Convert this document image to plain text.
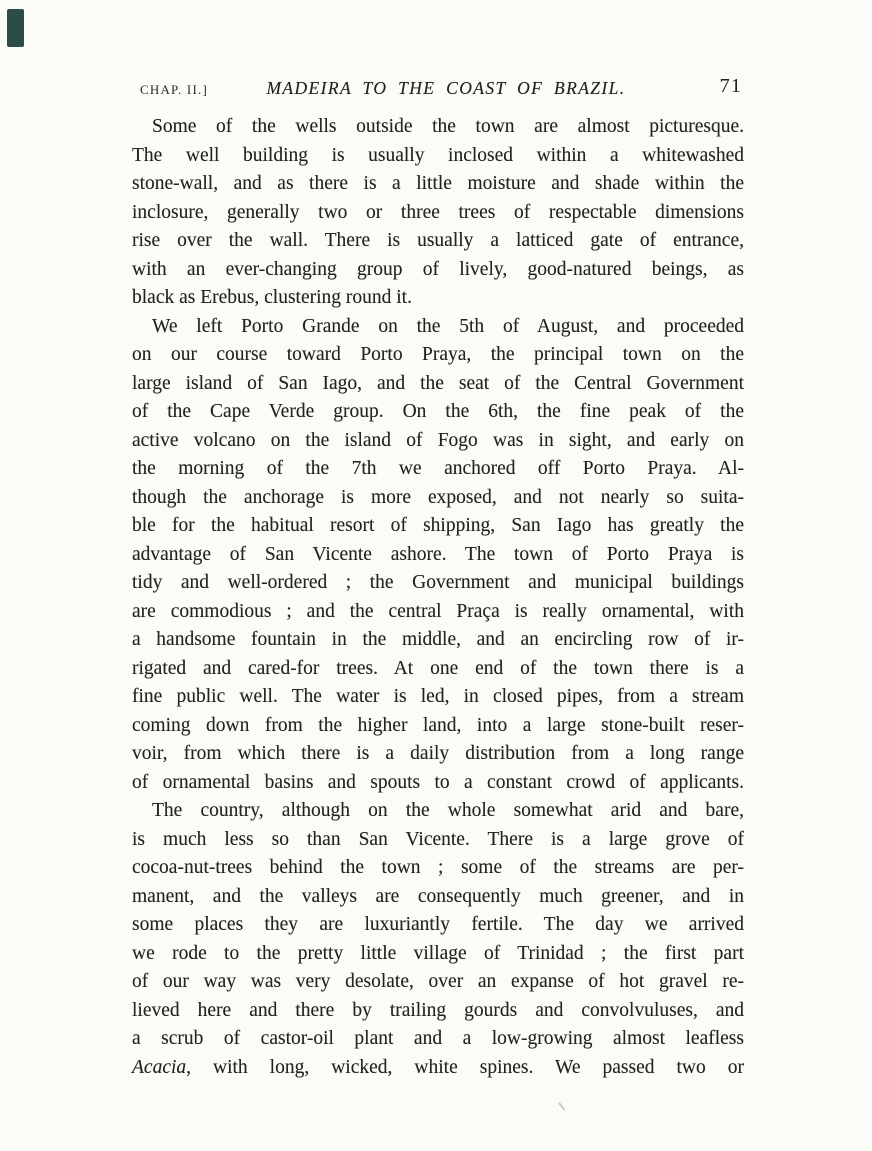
CHAP. II.]	MADEIRA TO THE COAST OF BRAZIL.	71
Some of the wells outside the town are almost picturesque.
The well building is usually inclosed within a whitewashed
stone-wall, and as there is a little moisture and shade within the
inclosure, generally two or three trees of respectable dimensions
rise over the wall. There is usually a latticed gate of entrance,
with an ever-changing group of lively, good-natured beings, as
black as Erebus, clustering round it.
We left Porto Grande on the 5th of August, and proceeded
on our course toward Porto Praya, the principal town on the
large island of San Iago, and the seat of the Central Government
of the Cape Verde group. On the 6th, the fine peak of the
active volcano on the island of Fogo was in sight, and early on
the morning of the 7th we anchored off Porto Praya. Al-
though the anchorage is more exposed, and not nearly so suita-
ble for the habitual resort of shipping, San Iago has greatly the
advantage of San Vicente ashore. The town of Porto Praya is
tidy and well-ordered ; the Government and municipal buildings
are commodious ; and the central Praça is really ornamental, with
a handsome fountain in the middle, and an encircling row of ir-
rigated and cared-for trees. At one end of the town there is a
fine public well. The water is led, in closed pipes, from a stream
coming down from the higher land, into a large stone-built reser-
voir, from which there is a daily distribution from a long range
of ornamental basins and spouts to a constant crowd of applicants.
The country, although on the whole somewhat arid and bare,
is much less so than San Vicente. There is a large grove of
cocoa-nut-trees behind the town ; some of the streams are per-
manent, and the valleys are consequently much greener, and in
some places they are luxuriantly fertile. The day we arrived
we rode to the pretty little village of Trinidad ; the first part
of our way was very desolate, over an expanse of hot gravel re-
lieved here and there by trailing gourds and convolvuluses, and
a scrub of castor-oil plant and a low-growing almost leafless
Acacia, with long, wicked, white spines. We passed two or
